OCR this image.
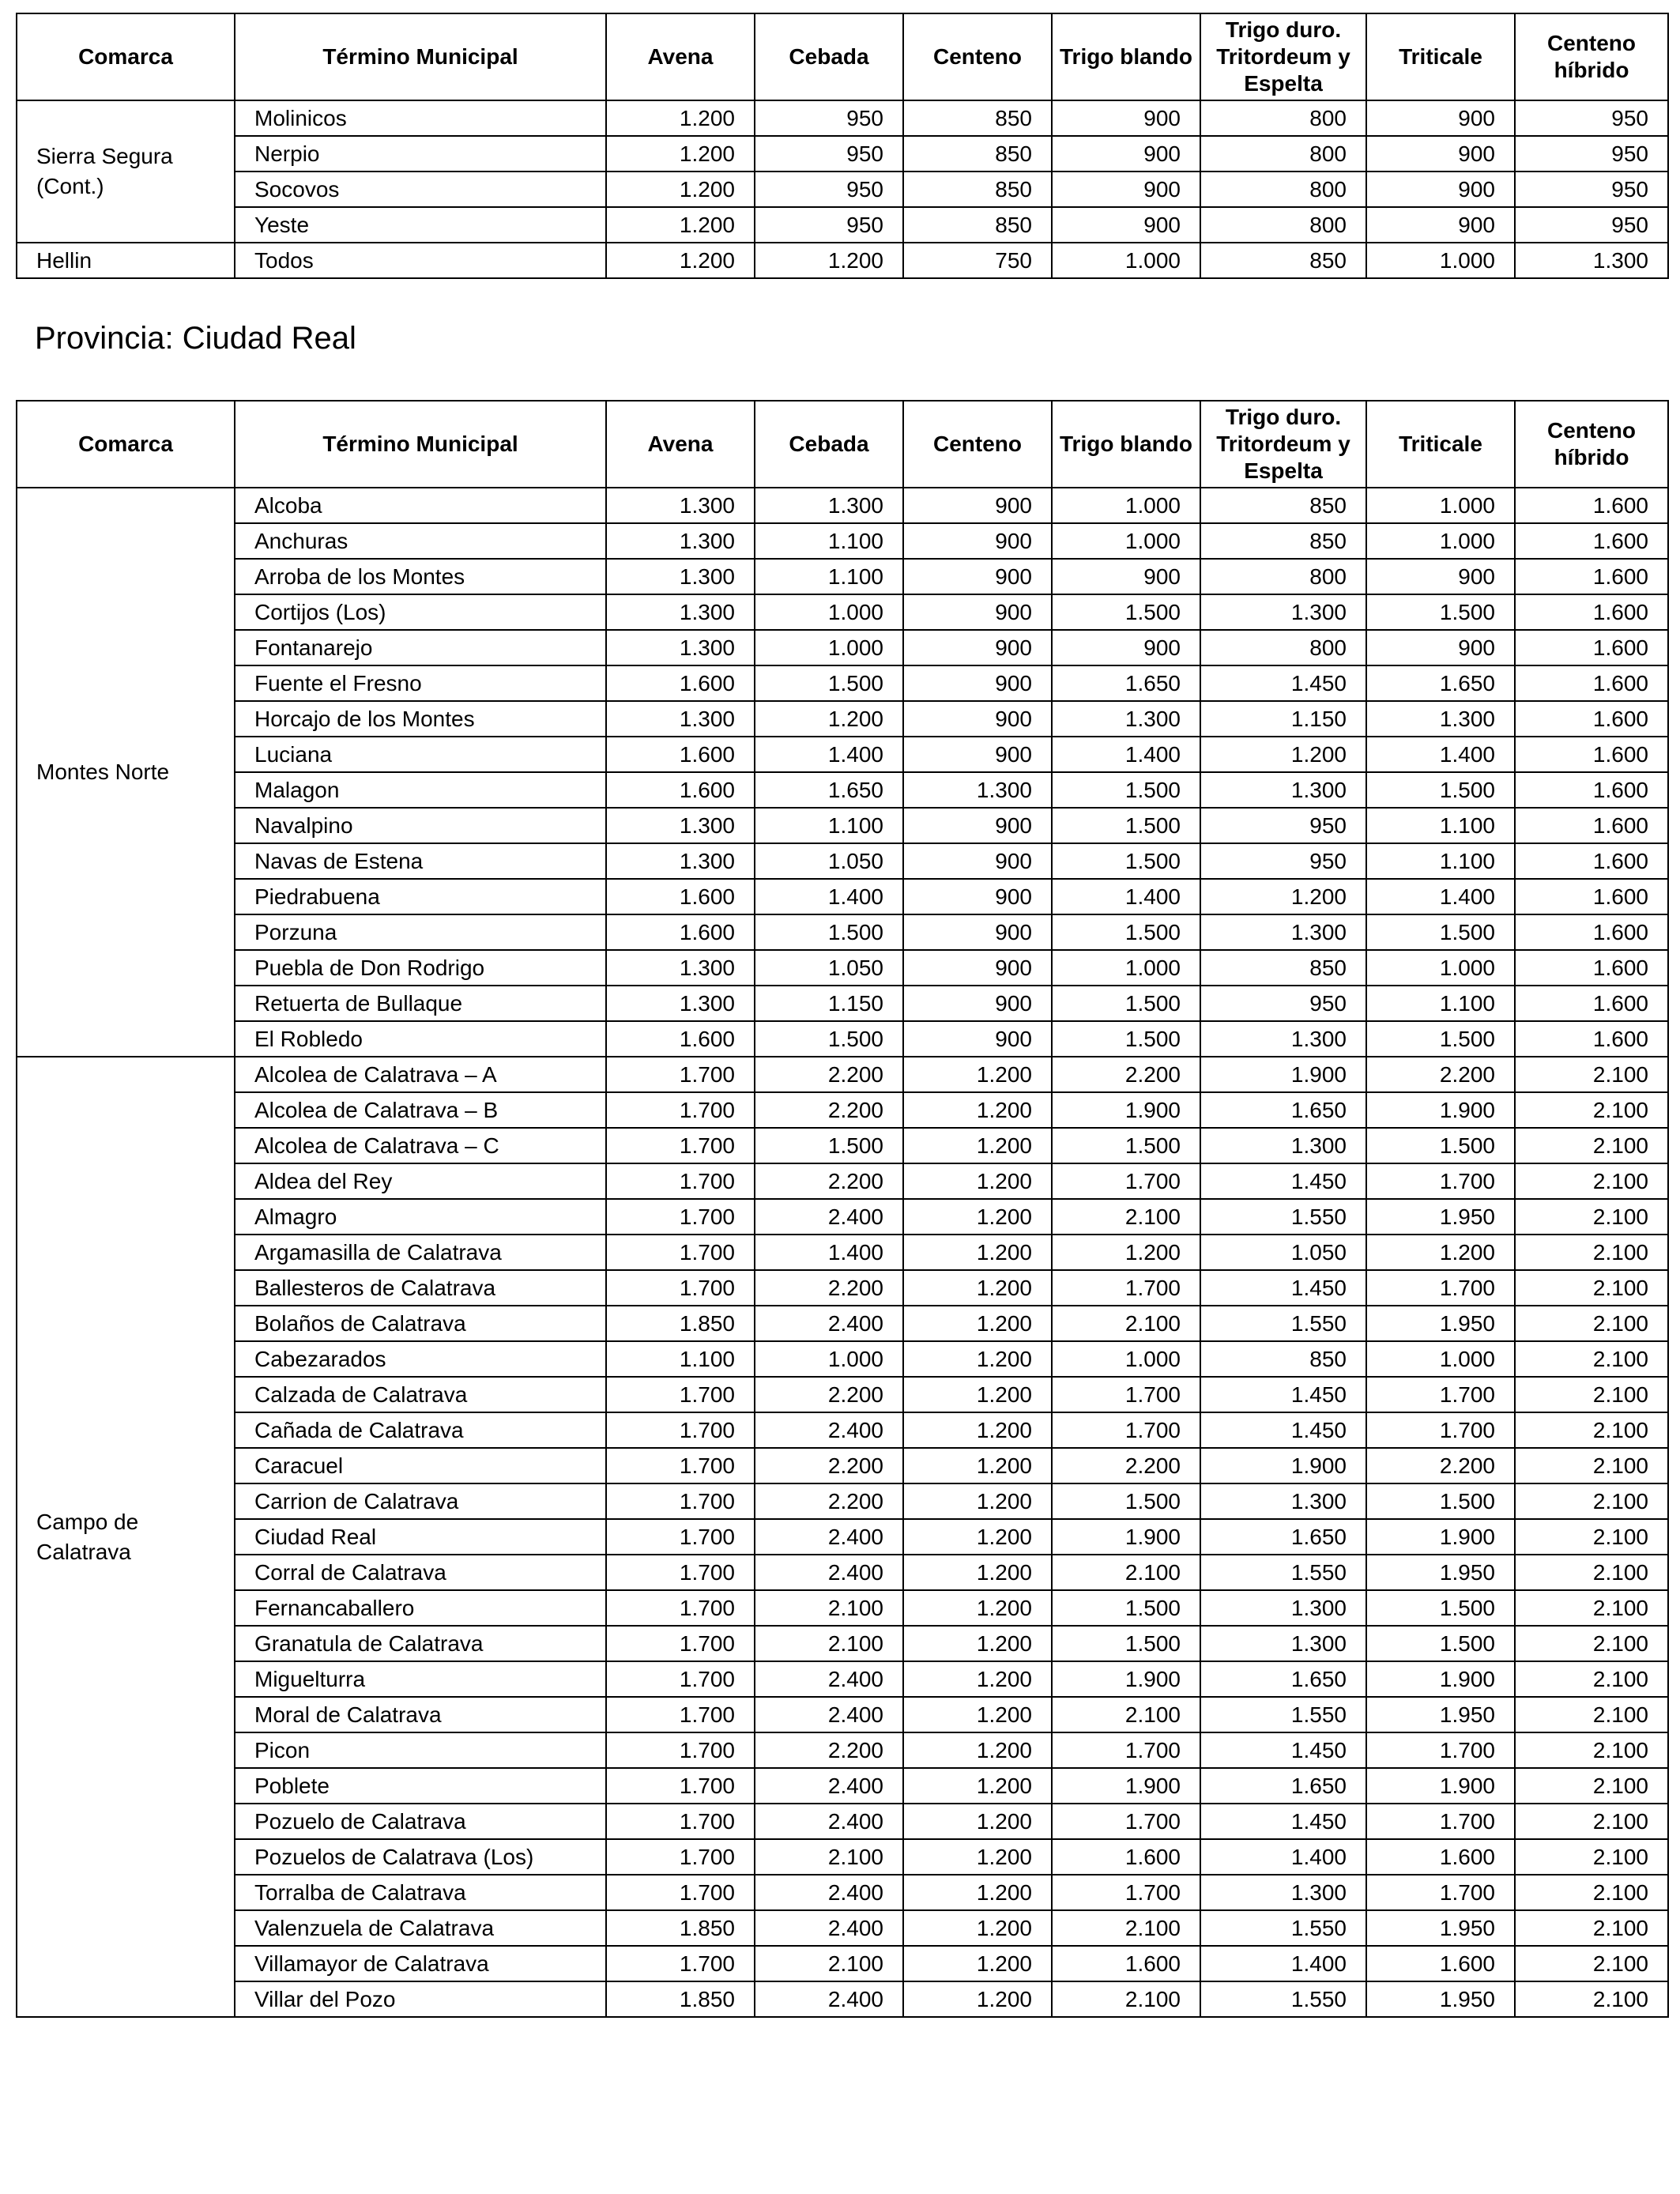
Comarca	Término Municipal	Avena	Cebada	Centeno	Trigo blando	Trigo duro. Tritordeum y Espelta	Triticale	Centeno híbrido
Sierra Segura (Cont.)	Molinicos	1.200	950	850	900	800	900	950
	Nerpio	1.200	950	850	900	800	900	950
	Socovos	1.200	950	850	900	800	900	950
	Yeste	1.200	950	850	900	800	900	950
Hellin	Todos	1.200	1.200	750	1.000	850	1.000	1.300
Provincia: Ciudad Real
Comarca	Término Municipal	Avena	Cebada	Centeno	Trigo blando	Trigo duro. Tritordeum y Espelta	Triticale	Centeno híbrido
Montes Norte	Alcoba	1.300	1.300	900	1.000	850	1.000	1.600
	Anchuras	1.300	1.100	900	1.000	850	1.000	1.600
	Arroba de los Montes	1.300	1.100	900	900	800	900	1.600
	Cortijos (Los)	1.300	1.000	900	1.500	1.300	1.500	1.600
	Fontanarejo	1.300	1.000	900	900	800	900	1.600
	Fuente el Fresno	1.600	1.500	900	1.650	1.450	1.650	1.600
	Horcajo de los Montes	1.300	1.200	900	1.300	1.150	1.300	1.600
	Luciana	1.600	1.400	900	1.400	1.200	1.400	1.600
	Malagon	1.600	1.650	1.300	1.500	1.300	1.500	1.600
	Navalpino	1.300	1.100	900	1.500	950	1.100	1.600
	Navas de Estena	1.300	1.050	900	1.500	950	1.100	1.600
	Piedrabuena	1.600	1.400	900	1.400	1.200	1.400	1.600
	Porzuna	1.600	1.500	900	1.500	1.300	1.500	1.600
	Puebla de Don Rodrigo	1.300	1.050	900	1.000	850	1.000	1.600
	Retuerta de Bullaque	1.300	1.150	900	1.500	950	1.100	1.600
	El Robledo	1.600	1.500	900	1.500	1.300	1.500	1.600
Campo de Calatrava	Alcolea de Calatrava – A	1.700	2.200	1.200	2.200	1.900	2.200	2.100
	Alcolea de Calatrava – B	1.700	2.200	1.200	1.900	1.650	1.900	2.100
	Alcolea de Calatrava – C	1.700	1.500	1.200	1.500	1.300	1.500	2.100
	Aldea del Rey	1.700	2.200	1.200	1.700	1.450	1.700	2.100
	Almagro	1.700	2.400	1.200	2.100	1.550	1.950	2.100
	Argamasilla de Calatrava	1.700	1.400	1.200	1.200	1.050	1.200	2.100
	Ballesteros de Calatrava	1.700	2.200	1.200	1.700	1.450	1.700	2.100
	Bolaños de Calatrava	1.850	2.400	1.200	2.100	1.550	1.950	2.100
	Cabezarados	1.100	1.000	1.200	1.000	850	1.000	2.100
	Calzada de Calatrava	1.700	2.200	1.200	1.700	1.450	1.700	2.100
	Cañada de Calatrava	1.700	2.400	1.200	1.700	1.450	1.700	2.100
	Caracuel	1.700	2.200	1.200	2.200	1.900	2.200	2.100
	Carrion de Calatrava	1.700	2.200	1.200	1.500	1.300	1.500	2.100
	Ciudad Real	1.700	2.400	1.200	1.900	1.650	1.900	2.100
	Corral de Calatrava	1.700	2.400	1.200	2.100	1.550	1.950	2.100
	Fernancaballero	1.700	2.100	1.200	1.500	1.300	1.500	2.100
	Granatula de Calatrava	1.700	2.100	1.200	1.500	1.300	1.500	2.100
	Miguelturra	1.700	2.400	1.200	1.900	1.650	1.900	2.100
	Moral de Calatrava	1.700	2.400	1.200	2.100	1.550	1.950	2.100
	Picon	1.700	2.200	1.200	1.700	1.450	1.700	2.100
	Poblete	1.700	2.400	1.200	1.900	1.650	1.900	2.100
	Pozuelo de Calatrava	1.700	2.400	1.200	1.700	1.450	1.700	2.100
	Pozuelos de Calatrava (Los)	1.700	2.100	1.200	1.600	1.400	1.600	2.100
	Torralba de Calatrava	1.700	2.400	1.200	1.700	1.300	1.700	2.100
	Valenzuela de Calatrava	1.850	2.400	1.200	2.100	1.550	1.950	2.100
	Villamayor de Calatrava	1.700	2.100	1.200	1.600	1.400	1.600	2.100
	Villar del Pozo	1.850	2.400	1.200	2.100	1.550	1.950	2.100
